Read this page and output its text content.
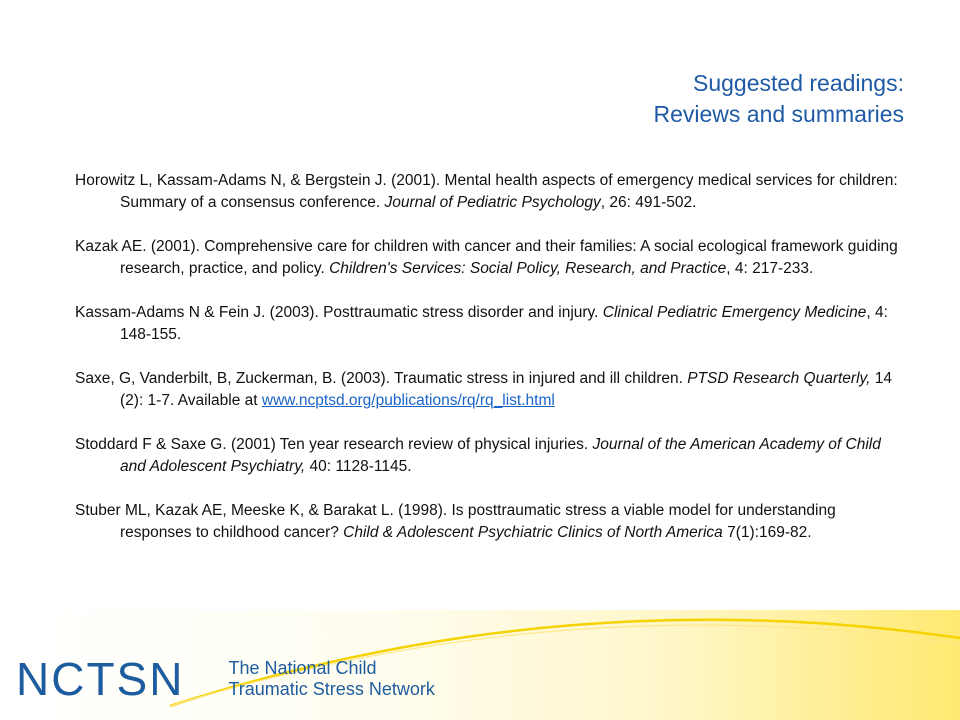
Suggested readings:
Reviews and summaries

Horowitz L, Kassam-Adams N, & Bergstein J. (2001). Mental health aspects of emergency medical services for children: Summary of a consensus conference. Journal of Pediatric Psychology, 26: 491-502.

Kazak AE. (2001). Comprehensive care for children with cancer and their families: A social ecological framework guiding research, practice, and policy. Children's Services: Social Policy, Research, and Practice, 4: 217-233.

Kassam-Adams N & Fein J. (2003). Posttraumatic stress disorder and injury. Clinical Pediatric Emergency Medicine, 4: 148-155.

Saxe, G, Vanderbilt, B, Zuckerman, B. (2003). Traumatic stress in injured and ill children. PTSD Research Quarterly, 14 (2): 1-7. Available at www.ncptsd.org/publications/rq/rq_list.html

Stoddard F & Saxe G. (2001) Ten year research review of physical injuries. Journal of the American Academy of Child and Adolescent Psychiatry, 40: 1128-1145.

Stuber ML, Kazak AE, Meeske K, & Barakat L. (1998). Is posttraumatic stress a viable model for understanding responses to childhood cancer? Child & Adolescent Psychiatric Clinics of North America 7(1):169-82.

NCTSN The National Child
Traumatic Stress Network
